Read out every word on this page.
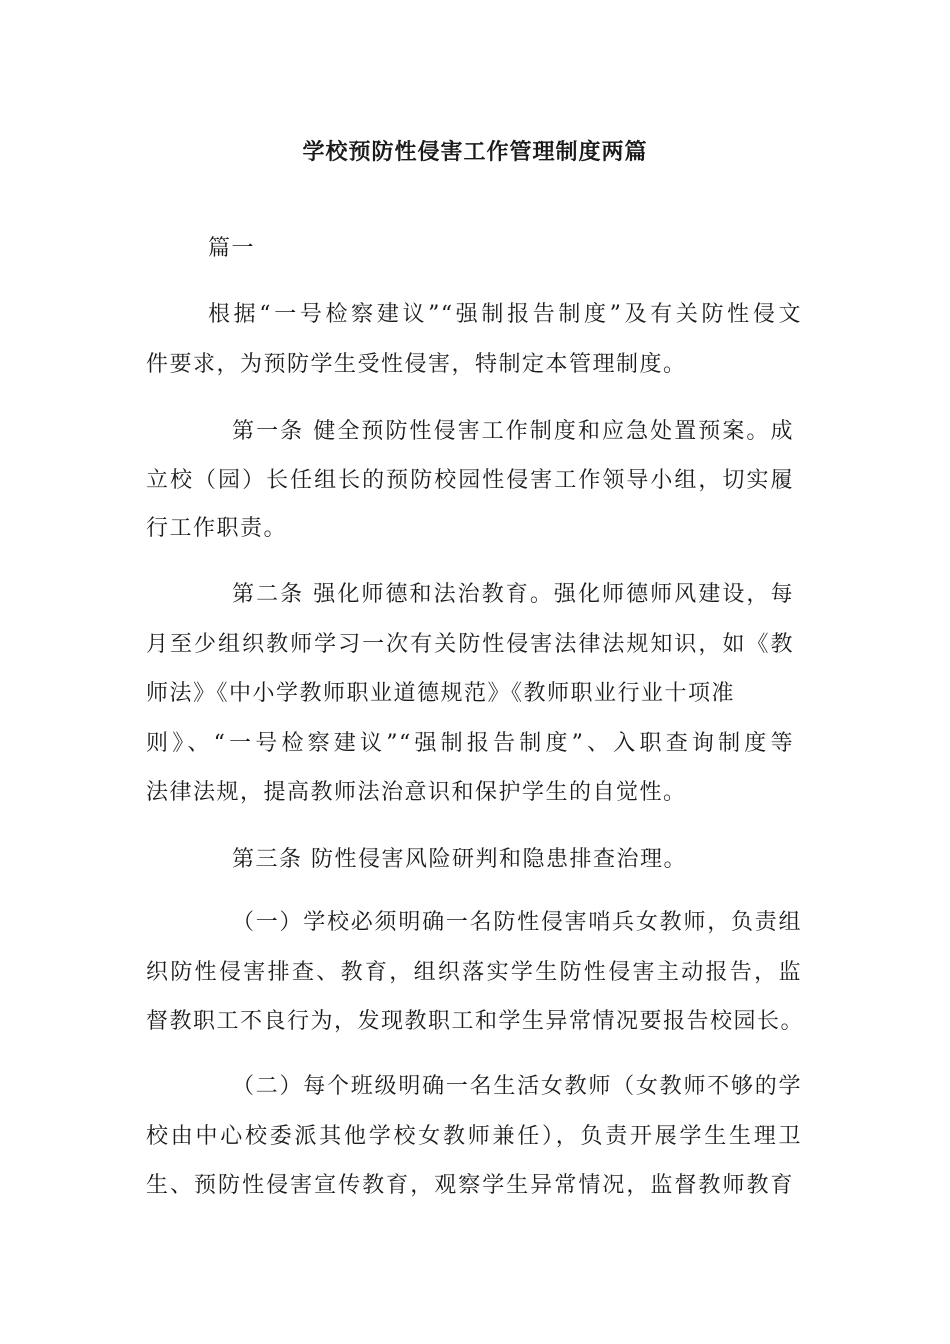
学校预防性侵害工作管理制度两篇
篇一
根据“一号检察建议”“强制报告制度”及有关防性侵文
件要求，为预防学生受性侵害，特制定本管理制度。
第一条 健全预防性侵害工作制度和应急处置预案。成
立校（园）长任组长的预防校园性侵害工作领导小组，切实履
行工作职责。
第二条 强化师德和法治教育。强化师德师风建设，每
月至少组织教师学习一次有关防性侵害法律法规知识，如《教
师法》《中小学教师职业道德规范》《教师职业行业十项准
则》、“一号检察建议”“强制报告制度”、入职查询制度等
法律法规，提高教师法治意识和保护学生的自觉性。
第三条 防性侵害风险研判和隐患排查治理。
（一）学校必须明确一名防性侵害哨兵女教师，负责组
织防性侵害排查、教育，组织落实学生防性侵害主动报告，监
督教职工不良行为，发现教职工和学生异常情况要报告校园长。
（二）每个班级明确一名生活女教师（女教师不够的学
校由中心校委派其他学校女教师兼任），负责开展学生生理卫
生、预防性侵害宣传教育，观察学生异常情况，监督教师教育
